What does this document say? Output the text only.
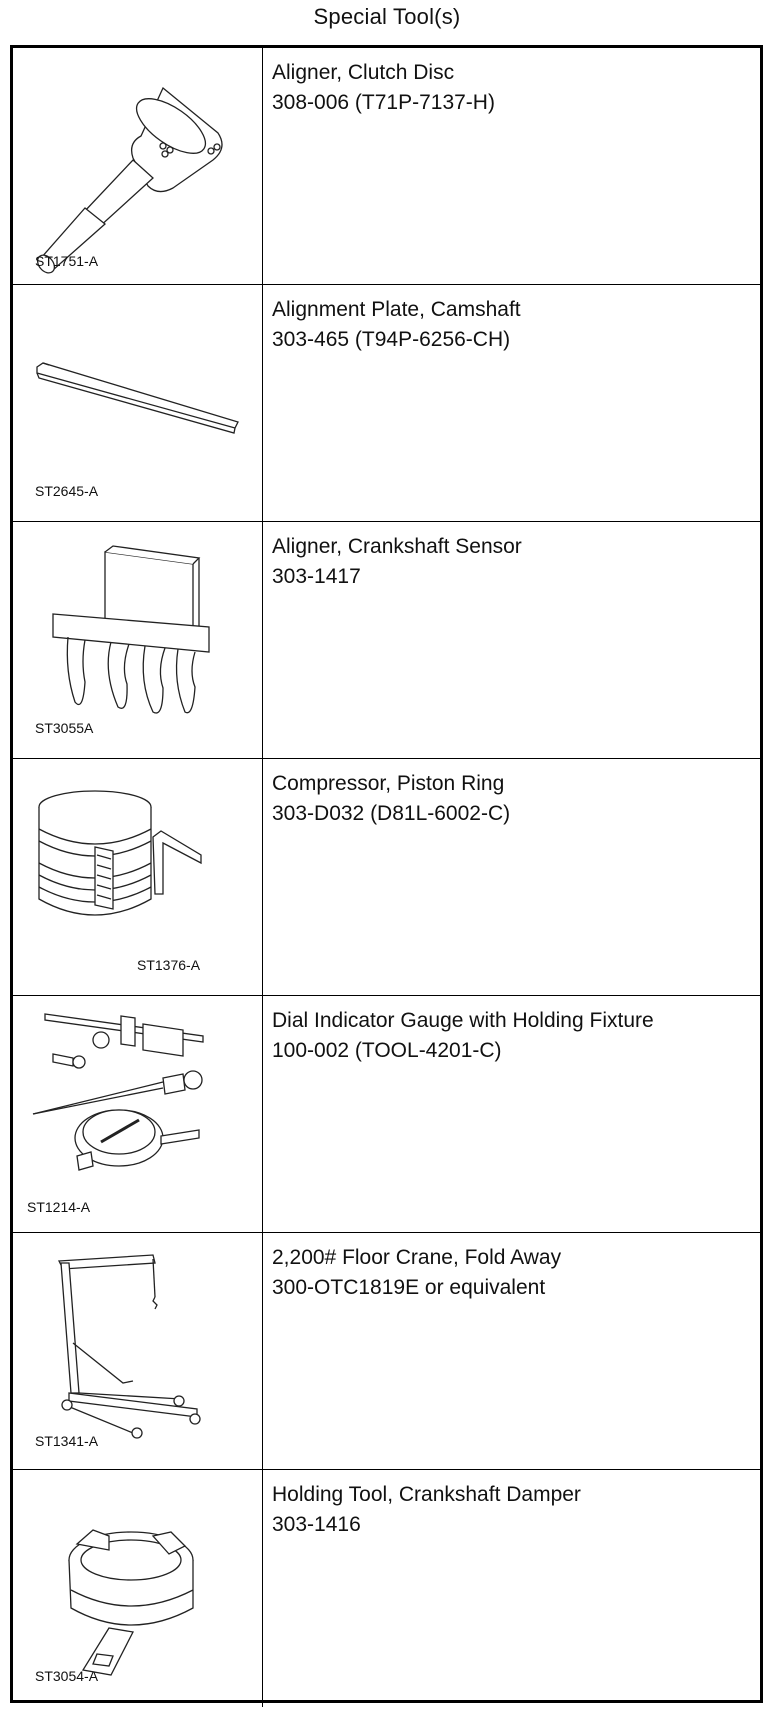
Special Tool(s)
ST1751-A
Aligner, Clutch Disc
308-006 (T71P-7137-H)
ST2645-A
Alignment Plate, Camshaft
303-465 (T94P-6256-CH)
ST3055A
Aligner, Crankshaft Sensor
303-1417
ST1376-A
Compressor, Piston Ring
303-D032 (D81L-6002-C)
ST1214-A
Dial Indicator Gauge with Holding Fixture
100-002 (TOOL-4201-C)
ST1341-A
2,200# Floor Crane, Fold Away
300-OTC1819E or equivalent
ST3054-A
Holding Tool, Crankshaft Damper
303-1416
